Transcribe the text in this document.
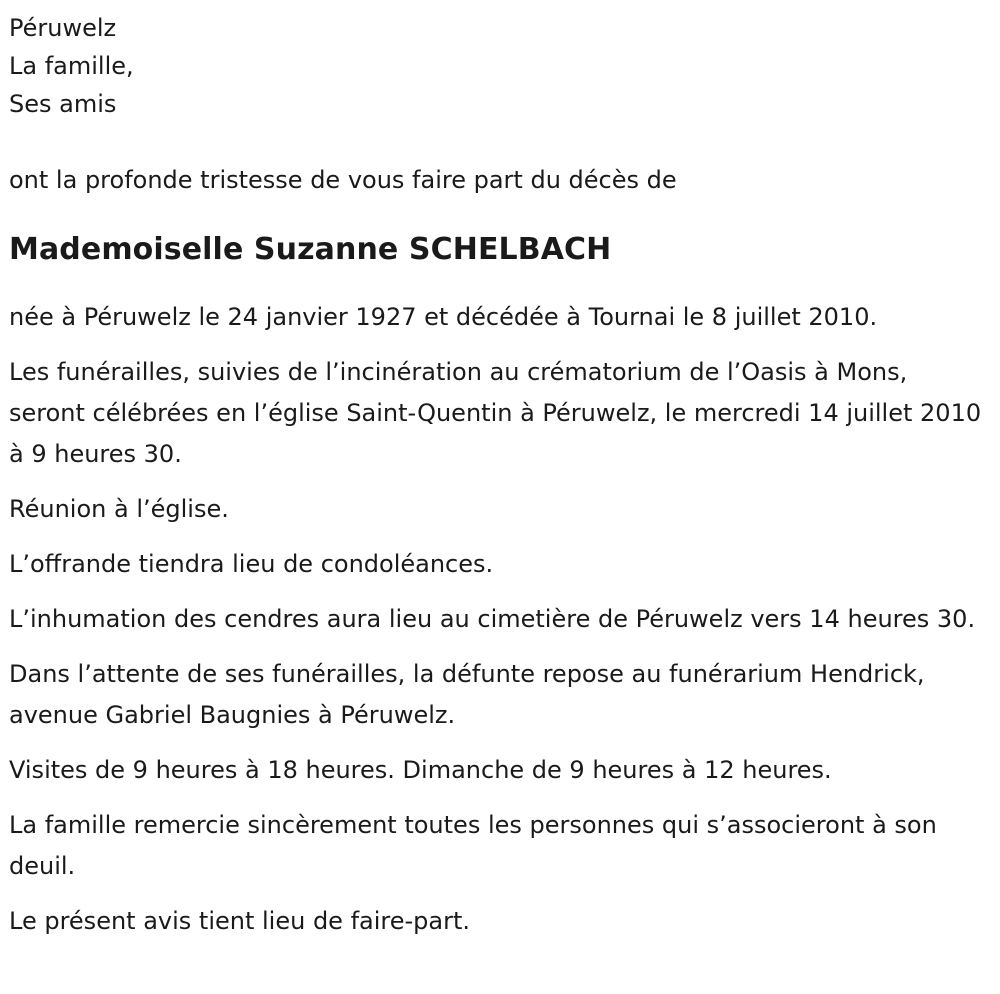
Péruwelz

La famille,
Ses amis

ont la profonde tristesse de vous faire part du décès de

Mademoiselle Suzanne SCHELBACH

née à Péruwelz le 24 janvier 1927 et décédée à Tournai le 8 juillet 2010.

Les funérailles, suivies de l’incinération au crématorium de l’Oasis à Mons, seront célébrées en l’église Saint-Quentin à Péruwelz, le mercredi 14 juillet 2010 à 9 heures 30.

Réunion à l’église.

L’offrande tiendra lieu de condoléances.

L’inhumation des cendres aura lieu au cimetière de Péruwelz vers 14 heures 30.

Dans l’attente de ses funérailles, la défunte repose au funérarium Hendrick, avenue Gabriel Baugnies à Péruwelz.

Visites de 9 heures à 18 heures. Dimanche de 9 heures à 12 heures.

La famille remercie sincèrement toutes les personnes qui s’associeront à son deuil.

Le présent avis tient lieu de faire-part.
